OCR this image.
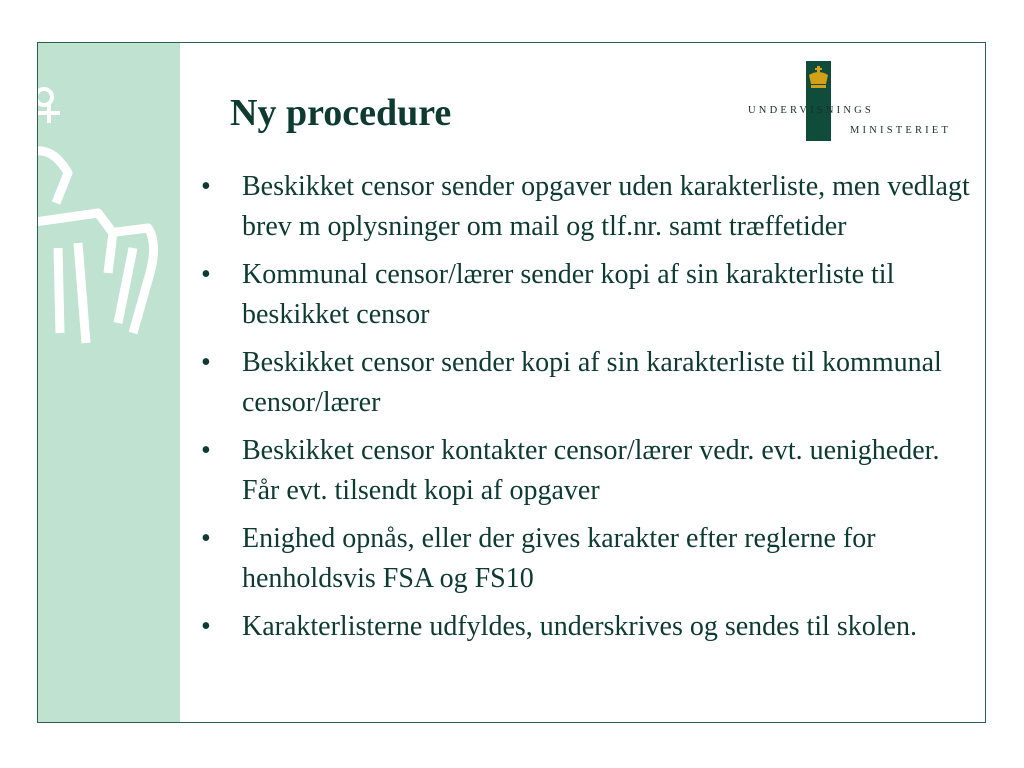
Ny procedure	UNDERVISNINGS
MINISTERIET
• Beskikket censor sender opgaver uden karakterliste, men vedlagt brev m oplysninger om mail og tlf.nr. samt træffetider
• Kommunal censor/lærer sender kopi af sin karakterliste til beskikket censor
• Beskikket censor sender kopi af sin karakterliste til kommunal censor/lærer
• Beskikket censor kontakter censor/lærer vedr. evt. uenigheder. Får evt. tilsendt kopi af opgaver
• Enighed opnås, eller der gives karakter efter reglerne for henholdsvis FSA og FS10
• Karakterlisterne udfyldes, underskrives og sendes til skolen.
